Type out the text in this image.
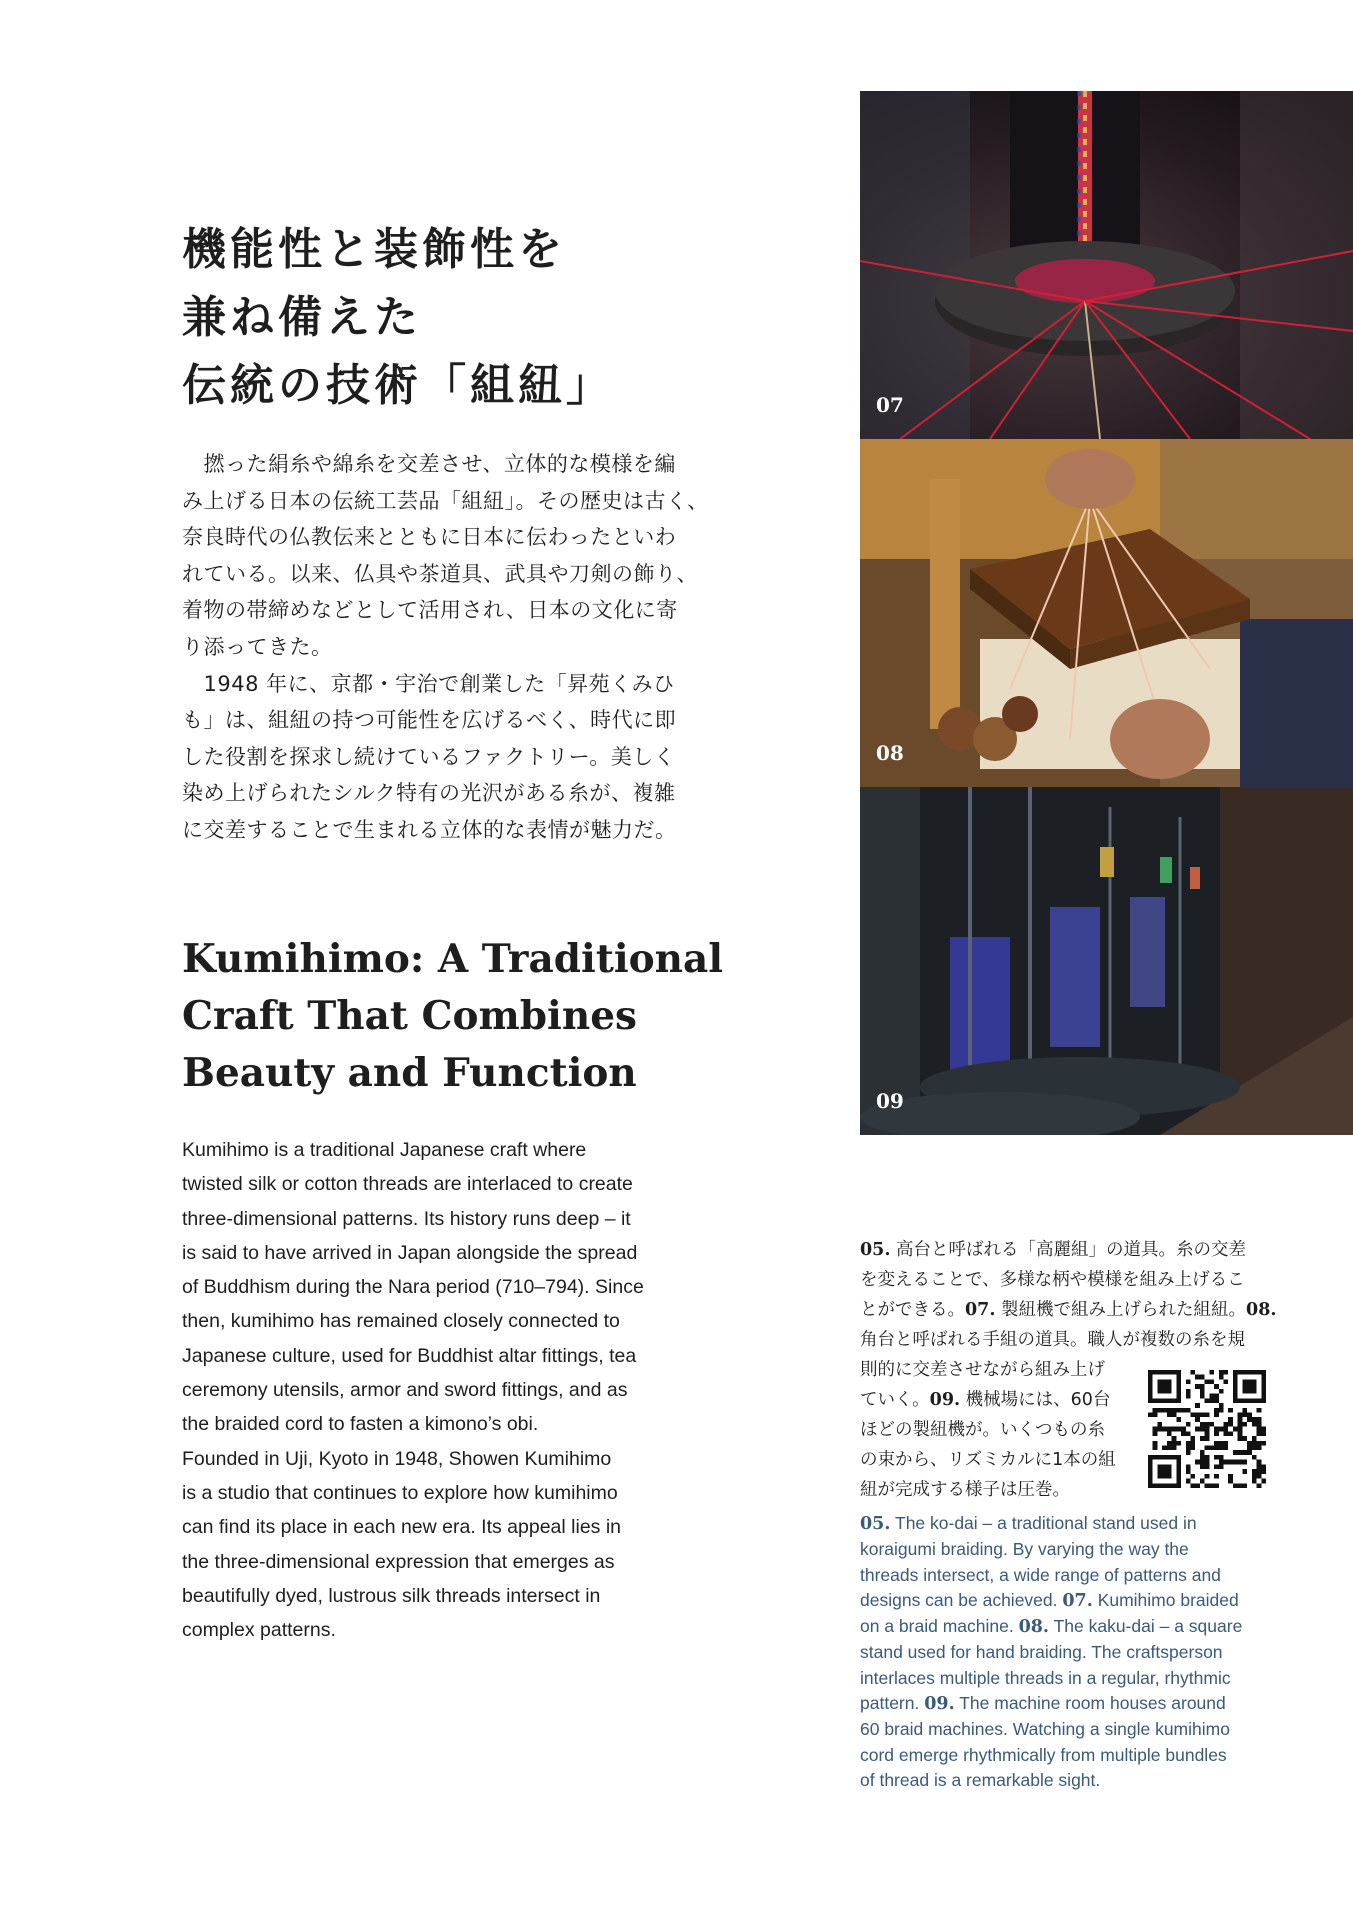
機能性と装飾性を
兼ね備えた
伝統の技術「組紐」
　撚った絹糸や綿糸を交差させ、立体的な模様を編
み上げる日本の伝統工芸品「組紐」。その歴史は古く、
奈良時代の仏教伝来とともに日本に伝わったといわ
れている。以来、仏具や茶道具、武具や刀剣の飾り、
着物の帯締めなどとして活用され、日本の文化に寄
り添ってきた。
　1948 年に、京都・宇治で創業した「昇苑くみひ
も」は、組紐の持つ可能性を広げるべく、時代に即
した役割を探求し続けているファクトリー。美しく
染め上げられたシルク特有の光沢がある糸が、複雑
に交差することで生まれる立体的な表情が魅力だ。
Kumihimo: A Traditional
Craft That Combines
Beauty and Function
Kumihimo is a traditional Japanese craft where
twisted silk or cotton threads are interlaced to create
three-dimensional patterns. Its history runs deep – it
is said to have arrived in Japan alongside the spread
of Buddhism during the Nara period (710–794). Since
then, kumihimo has remained closely connected to
Japanese culture, used for Buddhist altar fittings, tea
ceremony utensils, armor and sword fittings, and as
the braided cord to fasten a kimono’s obi.
Founded in Uji, Kyoto in 1948, Showen Kumihimo
is a studio that continues to explore how kumihimo
can find its place in each new era. Its appeal lies in
the three-dimensional expression that emerges as
beautifully dyed, lustrous silk threads intersect in
complex patterns.
07
08
09
05. 高台と呼ばれる「高麗組」の道具。糸の交差
を変えることで、多様な柄や模様を組み上げるこ
とができる。07. 製紐機で組み上げられた組紐。08.
角台と呼ばれる手組の道具。職人が複数の糸を規
則的に交差させながら組み上げ
ていく。09. 機械場には、60台
ほどの製紐機が。いくつもの糸
の束から、リズミカルに1本の組
紐が完成する様子は圧巻。
05. The ko-dai – a traditional stand used in
koraigumi braiding. By varying the way the
threads intersect, a wide range of patterns and
designs can be achieved. 07. Kumihimo braided
on a braid machine. 08. The kaku-dai – a square
stand used for hand braiding. The craftsperson
interlaces multiple threads in a regular, rhythmic
pattern. 09. The machine room houses around
60 braid machines. Watching a single kumihimo
cord emerge rhythmically from multiple bundles
of thread is a remarkable sight.
